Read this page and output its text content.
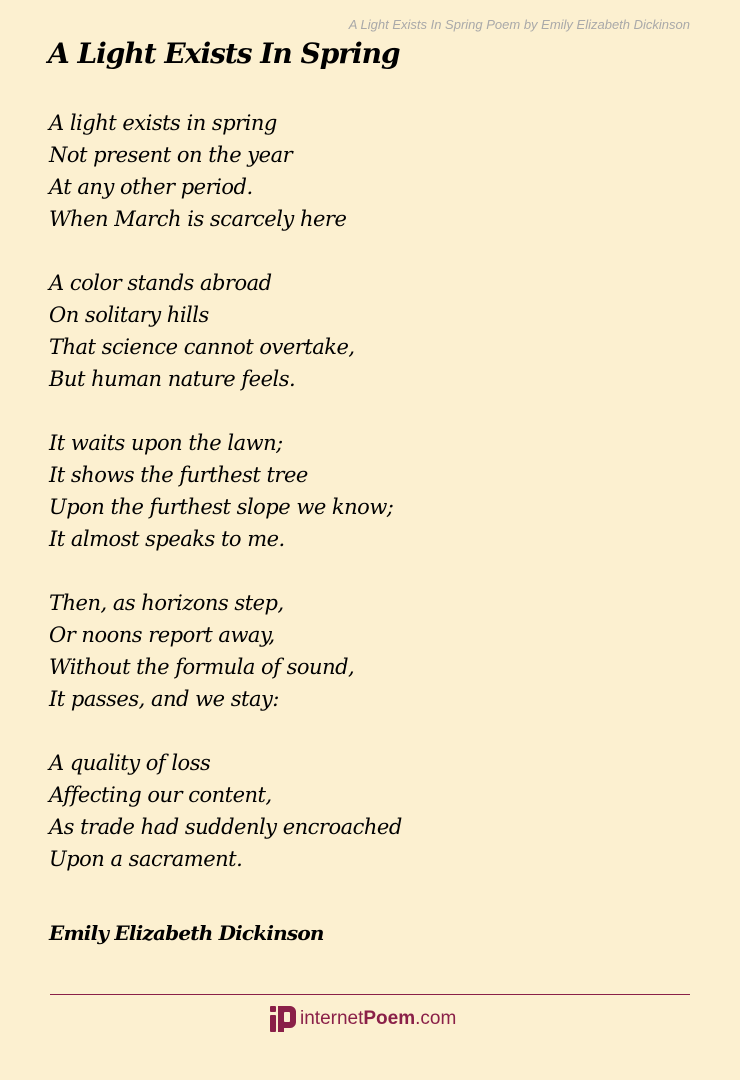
A Light Exists In Spring Poem by Emily Elizabeth Dickinson
A Light Exists In Spring
A light exists in spring
Not present on the year
At any other period.
When March is scarcely here
A color stands abroad
On solitary hills
That science cannot overtake,
But human nature feels.
It waits upon the lawn;
It shows the furthest tree
Upon the furthest slope we know;
It almost speaks to me.
Then, as horizons step,
Or noons report away,
Without the formula of sound,
It passes, and we stay:
A quality of loss
Affecting our content,
As trade had suddenly encroached
Upon a sacrament.
Emily Elizabeth Dickinson
internet Poem .com
